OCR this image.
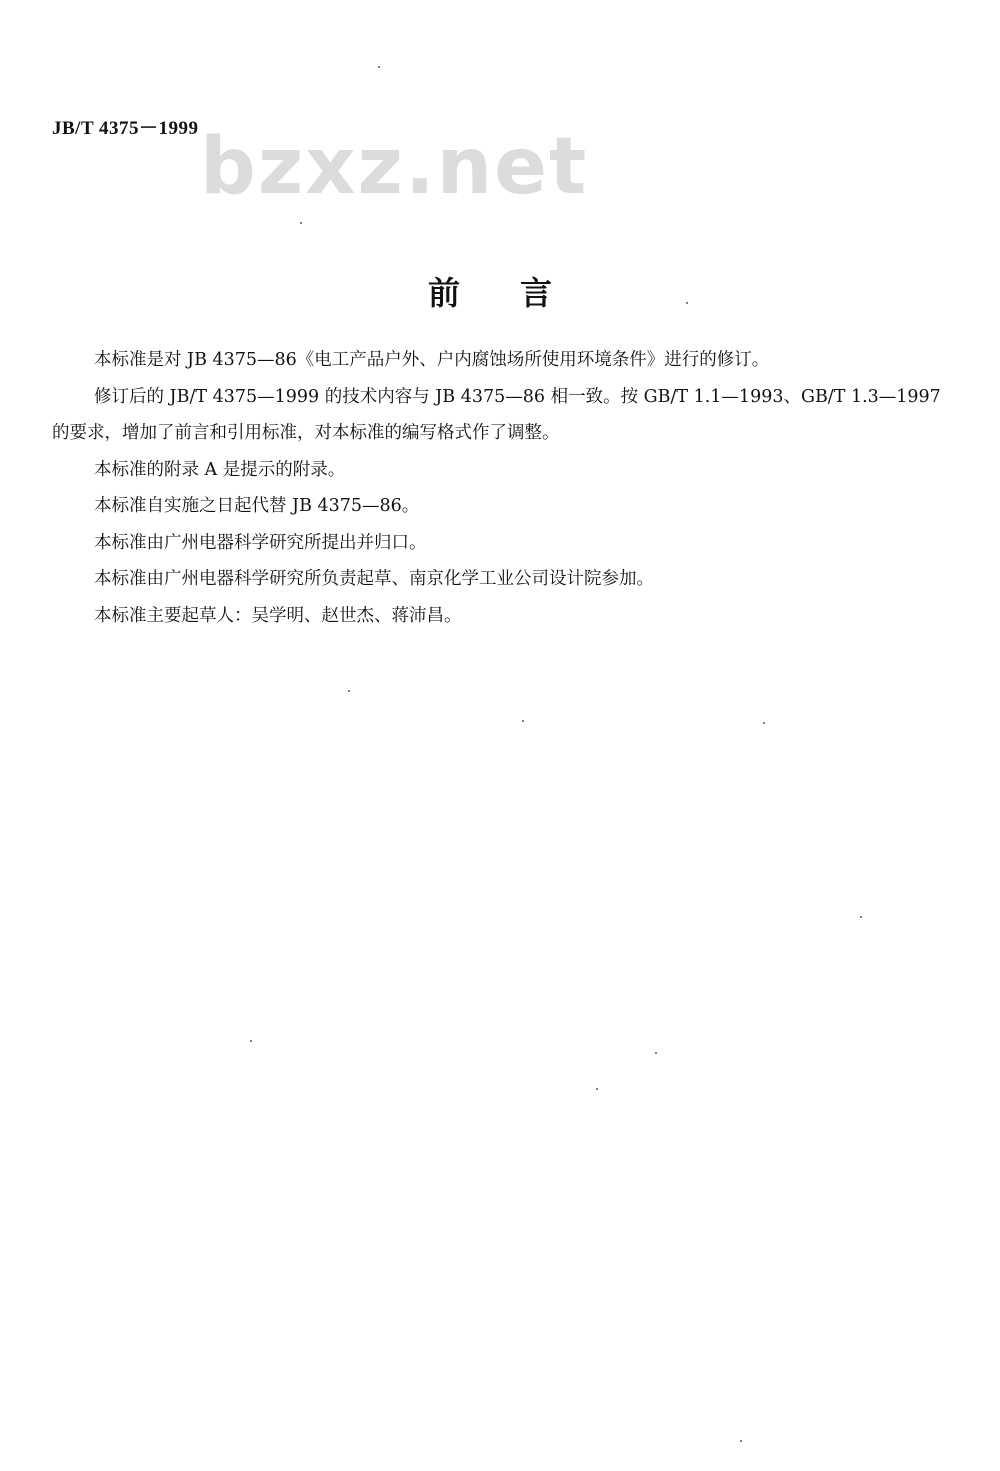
JB/T 4375－1999 bzxz.net
前言

本标准是对 JB 4375—86《电工产品户外、户内腐蚀场所使用环境条件》进行的修订。

修订后的 JB/T 4375—1999 的技术内容与 JB 4375—86 相一致。按 GB/T 1.1—1993、GB/T 1.3—1997 的要求，增加了前言和引用标准，对本标准的编写格式作了调整。

本标准的附录 A 是提示的附录。

本标准自实施之日起代替 JB 4375—86。

本标准由广州电器科学研究所提出并归口。

本标准由广州电器科学研究所负责起草、南京化学工业公司设计院参加。

本标准主要起草人：吴学明、赵世杰、蒋沛昌。
